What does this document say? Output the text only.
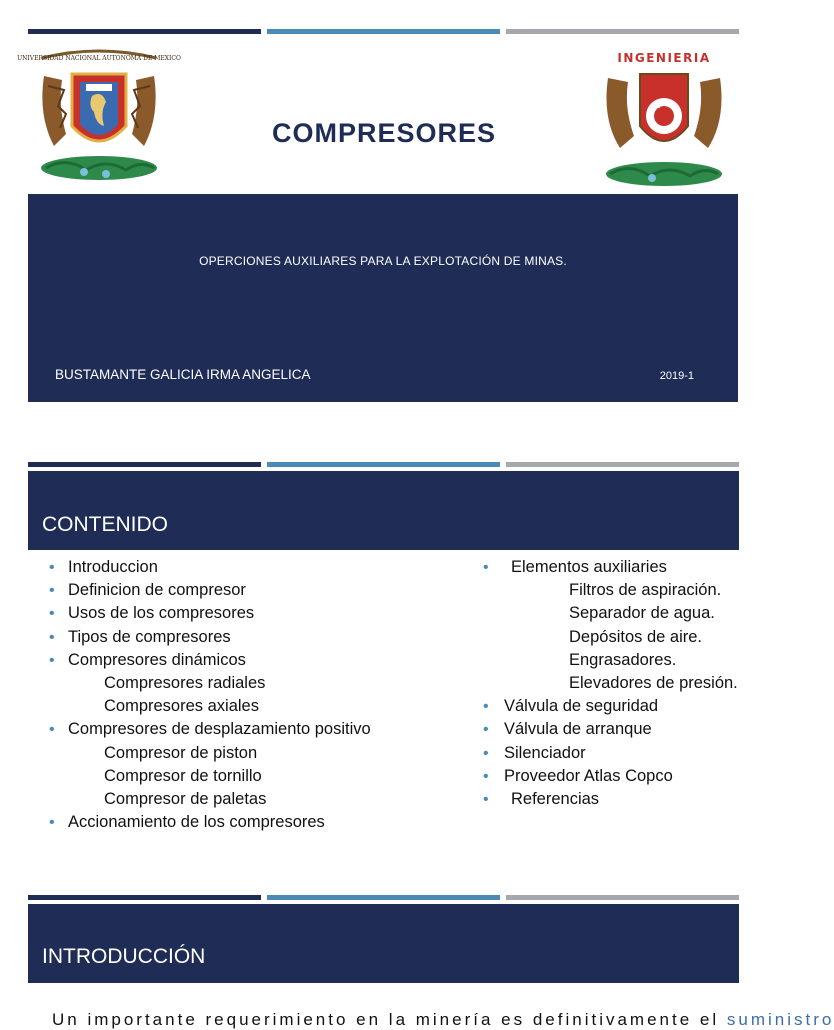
UNIVERSIDAD NACIONAL AUTONOMA DE MEXICO
COMPRESORES
INGENIERIA
F I
OPERCIONES AUXILIARES PARA LA EXPLOTACIÓN DE MINAS.
BUSTAMANTE GALICIA IRMA ANGELICA	2019-1
CONTENIDO
• Introduccion
• Definicion de compresor
• Usos de los compresores
• Tipos de compresores
• Compresores dinámicos
Compresores radiales
Compresores axiales
• Compresores de desplazamiento positivo
Compresor de piston
Compresor de tornillo
Compresor de paletas
• Accionamiento de los compresores
• Elementos auxiliaries
Filtros de aspiración.
Separador de agua.
Depósitos de aire.
Engrasadores.
Elevadores de presión.
• Válvula de seguridad
• Válvula de arranque
• Silenciador
• Proveedor Atlas Copco
• Referencias
INTRODUCCIÓN
Un importante requerimiento en la minería es definitivamente el suministro
